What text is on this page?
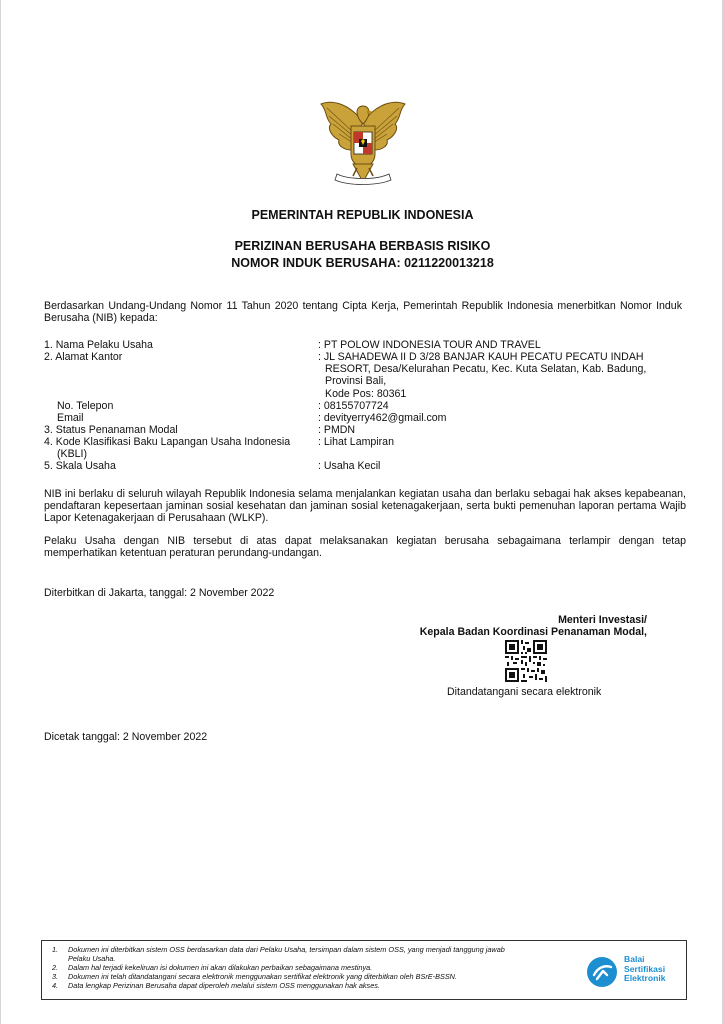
PEMERINTAH REPUBLIK INDONESIA
PERIZINAN BERUSAHA BERBASIS RISIKO
NOMOR INDUK BERUSAHA: 0211220013218
Berdasarkan Undang-Undang Nomor 11 Tahun 2020 tentang Cipta Kerja, Pemerintah Republik Indonesia menerbitkan Nomor Induk Berusaha (NIB) kepada:
1. Nama Pelaku Usaha	: PT POLOW INDONESIA TOUR AND TRAVEL
2. Alamat Kantor	: JL SAHADEWA II D 3/28 BANJAR KAUH PECATU PECATU INDAH
RESORT, Desa/Kelurahan Pecatu, Kec. Kuta Selatan, Kab. Badung,
Provinsi Bali,
Kode Pos: 80361
No. Telepon	: 08155707724
Email	: devityerry462@gmail.com
3. Status Penanaman Modal	: PMDN
4. Kode Klasifikasi Baku Lapangan Usaha Indonesia
(KBLI)
: Lihat Lampiran
5. Skala Usaha	: Usaha Kecil
NIB ini berlaku di seluruh wilayah Republik Indonesia selama menjalankan kegiatan usaha dan berlaku sebagai hak akses kepabeanan, pendaftaran kepesertaan jaminan sosial kesehatan dan jaminan sosial ketenagakerjaan, serta bukti pemenuhan laporan pertama Wajib Lapor Ketenagakerjaan di Perusahaan (WLKP).
Pelaku Usaha dengan NIB tersebut di atas dapat melaksanakan kegiatan berusaha sebagaimana terlampir dengan tetap memperhatikan ketentuan peraturan perundang-undangan.
Diterbitkan di Jakarta, tanggal: 2 November 2022
Menteri Investasi/
Kepala Badan Koordinasi Penanaman Modal,
Ditandatangani secara elektronik
Dicetak tanggal: 2 November 2022
1. Dokumen ini diterbitkan sistem OSS berdasarkan data dari Pelaku Usaha, tersimpan dalam sistem OSS, yang menjadi tanggung jawab
Pelaku Usaha.
2. Dalam hal terjadi kekeliruan isi dokumen ini akan dilakukan perbaikan sebagaimana mestinya.
3. Dokumen ini telah ditandatangani secara elektronik menggunakan sertifikat elektronik yang diterbitkan oleh BSrE-BSSN.
4. Data lengkap Perizinan Berusaha dapat diperoleh melalui sistem OSS menggunakan hak akses.
Balai
Sertifikasi
Elektronik
